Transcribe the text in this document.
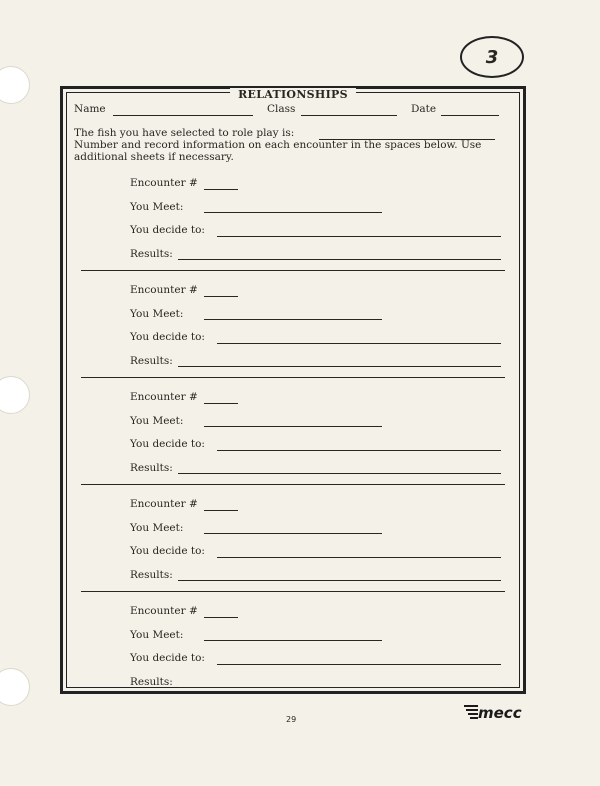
3
RELATIONSHIPS
Name	Class	Date
The fish you have selected to role play is:
Number and record information on each encounter in the spaces below. Use
additional sheets if necessary.
Encounter #
You Meet:
You decide to:
Results:
Encounter #
You Meet:
You decide to:
Results:
Encounter #
You Meet:
You decide to:
Results:
Encounter #
You Meet:
You decide to:
Results:
Encounter #
You Meet:
You decide to:
Results:
29	mecc
